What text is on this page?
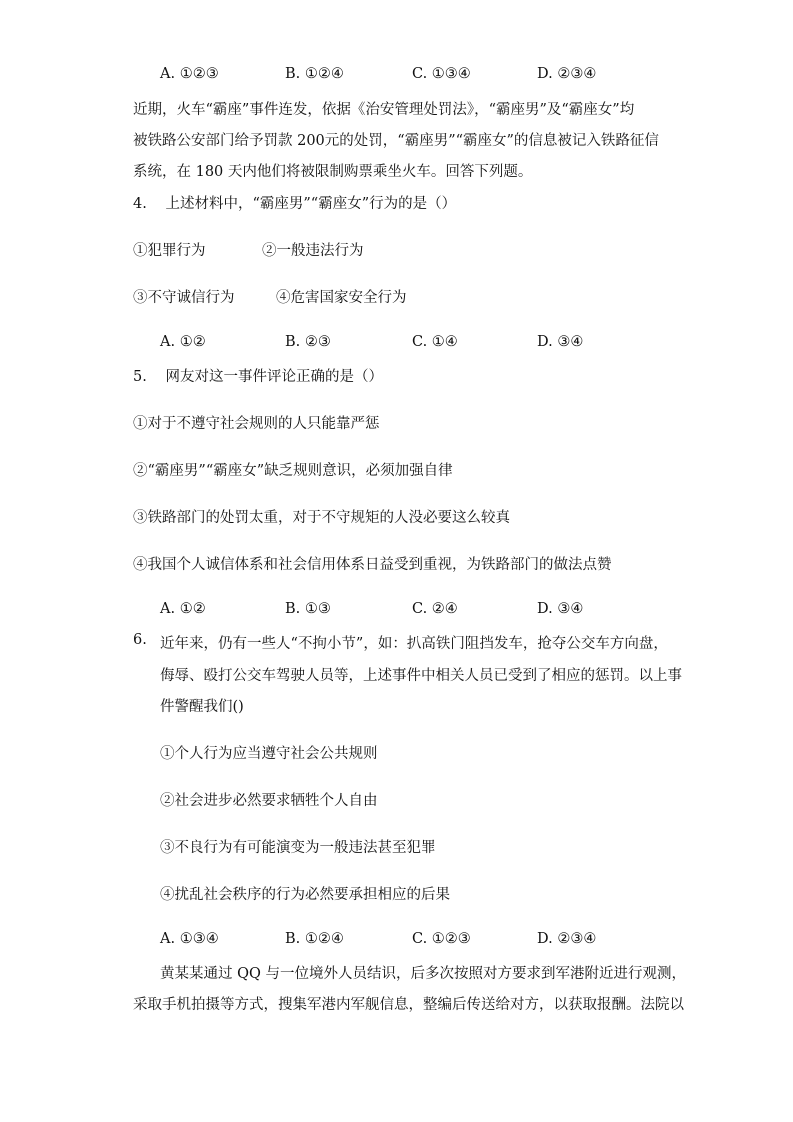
A. ①②③	B. ①②④	C. ①③④	D. ②③④
近期，火车“霸座”事件连发，依据《治安管理处罚法》，“霸座男”及“霸座女”均
被铁路公安部门给予罚款 200元的处罚，“霸座男”“霸座女”的信息被记入铁路征信
系统，在 180 天内他们将被限制购票乘坐火车。回答下列题。
4. 上述材料中，“霸座男”“霸座女”行为的是（）
①犯罪行为	②一般违法行为
③不守诚信行为	④危害国家安全行为
A. ①②	B. ②③	C. ①④	D. ③④
5. 网友对这一事件评论正确的是（）
①对于不遵守社会规则的人只能靠严惩
②“霸座男”“霸座女”缺乏规则意识，必须加强自律
③铁路部门的处罚太重，对于不守规矩的人没必要这么较真
④我国个人诚信体系和社会信用体系日益受到重视，为铁路部门的做法点赞
A. ①②	B. ①③	C. ②④	D. ③④
6. 近年来，仍有一些人“不拘小节”，如：扒高铁门阻挡发车，抢夺公交车方向盘，
侮辱、殴打公交车驾驶人员等，上述事件中相关人员已受到了相应的惩罚。以上事
件警醒我们()
①个人行为应当遵守社会公共规则
②社会进步必然要求牺牲个人自由
③不良行为有可能演变为一般违法甚至犯罪
④扰乱社会秩序的行为必然要承担相应的后果
A. ①③④	B. ①②④	C. ①②③	D. ②③④
黄某某通过 QQ 与一位境外人员结识，后多次按照对方要求到军港附近进行观测，
采取手机拍摄等方式，搜集军港内军舰信息，整编后传送给对方，以获取报酬。法院以
